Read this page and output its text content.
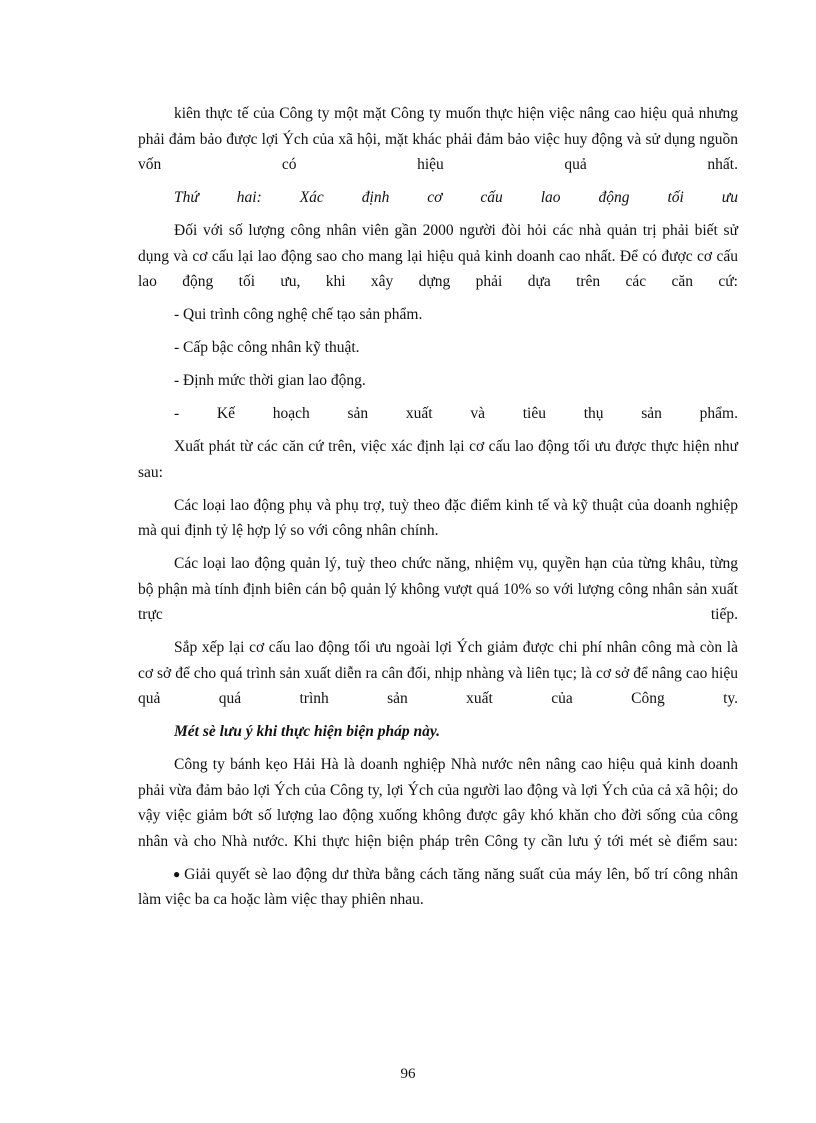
kiên thực tế của Công ty một mặt Công ty muốn thực hiện việc nâng cao hiệu quả nhưng phải đảm bảo được lợi Ých của xã hội, mặt khác phải đảm bảo việc huy động và sử dụng nguồn vốn có hiệu quả nhất.

Thứ hai: Xác định cơ cấu lao động tối ưu

Đối với số lượng công nhân viên gần 2000 người đòi hỏi các nhà quản trị phải biết sử dụng và cơ cấu lại lao động sao cho mang lại hiệu quả kinh doanh cao nhất. Để có được cơ cấu lao động tối ưu, khi xây dựng phải dựa trên các căn cứ:

- Qui trình công nghệ chế tạo sản phẩm.

- Cấp bậc công nhân kỹ thuật.

- Định mức thời gian lao động.

- Kế hoạch sản xuất và tiêu thụ sản phẩm.

Xuất phát từ các căn cứ trên, việc xác định lại cơ cấu lao động tối ưu được thực hiện như sau:

Các loại lao động phụ và phụ trợ, tuỳ theo đặc điểm kinh tế và kỹ thuật của doanh nghiệp mà qui định tỷ lệ hợp lý so với công nhân chính.

Các loại lao động quản lý, tuỳ theo chức năng, nhiệm vụ, quyền hạn của từng khâu, từng bộ phận mà tính định biên cán bộ quản lý không vượt quá 10% so với lượng công nhân sản xuất trực tiếp.

Sắp xếp lại cơ cấu lao động tối ưu ngoài lợi Ých giảm được chi phí nhân công mà còn là cơ sở để cho quá trình sản xuất diễn ra cân đối, nhịp nhàng và liên tục; là cơ sở để nâng cao hiệu quả quá trình sản xuất của Công ty.

Mét sè lưu ý khi thực hiện biện pháp này.

Công ty bánh kẹo Hải Hà là doanh nghiệp Nhà nước nên nâng cao hiệu quả kinh doanh phải vừa đảm bảo lợi Ých của Công ty, lợi Ých của người lao động và lợi Ých của cả xã hội; do vậy việc giảm bớt số lượng lao động xuống không được gây khó khăn cho đời sống của công nhân và cho Nhà nước. Khi thực hiện biện pháp trên Công ty cần lưu ý tới mét sè điểm sau:

● Giải quyết sè lao động dư thừa bằng cách tăng năng suất của máy lên, bố trí công nhân làm việc ba ca hoặc làm việc thay phiên nhau.

96
